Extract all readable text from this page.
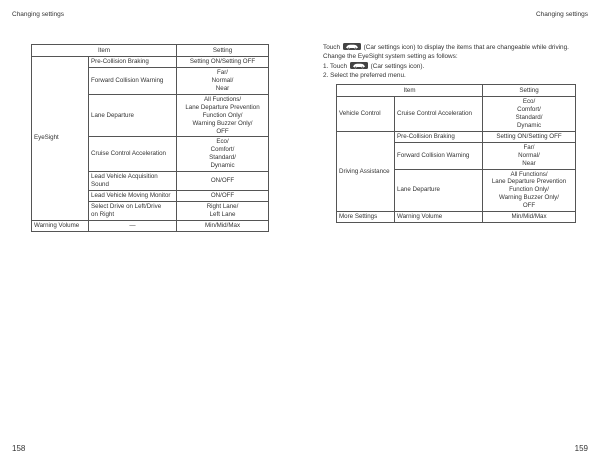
Changing settings
Item		Setting
EyeSight	Pre-Collision Braking	Setting ON/Setting OFF
	Forward Collision Warning	Far/
Normal/
Near
	Lane Departure	All Functions/
Lane Departure Prevention
Function Only/
Warning Buzzer Only/
OFF
	Cruise Control Acceleration	Eco/
Comfort/
Standard/
Dynamic
	Lead Vehicle Acquisition
Sound	ON/OFF
	Lead Vehicle Moving Monitor	ON/OFF
	Select Drive on Left/Drive
on Right	Right Lane/
Left Lane
Warning Volume	—	Min/Mid/Max
158
Changing settings
159

Touch	(Car settings icon) to display the items that are changeable while driving.

Change the EyeSight system setting as follows:

1. Touch	(Car settings icon).

2. Select the preferred menu.

Item		Setting
Vehicle Control	Cruise Control Acceleration	Eco/
Comfort/
Standard/
Dynamic
Driving Assistance	Pre-Collision Braking	Setting ON/Setting OFF
	Forward Collision Warning	Far/
Normal/
Near
	Lane Departure	All Functions/
Lane Departure Prevention
Function Only/
Warning Buzzer Only/
OFF
More Settings	Warning Volume	Min/Mid/Max
